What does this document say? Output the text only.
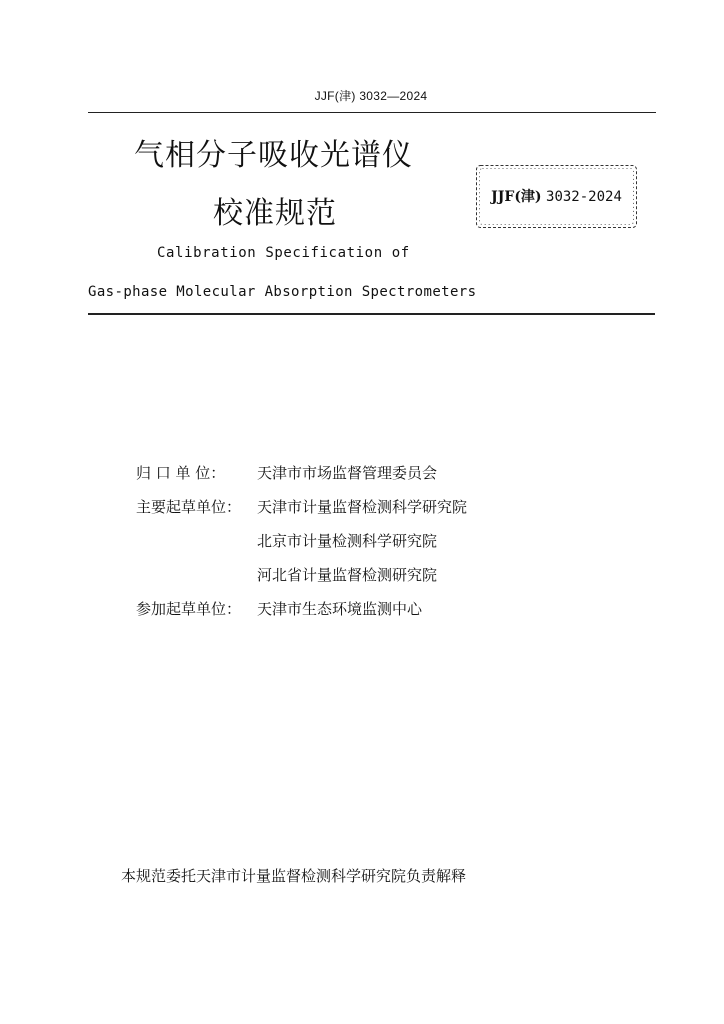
JJF(津) 3032—2024
气相分子吸收光谱仪
校准规范	JJF(津) 3032-2024
Calibration Specification of
Gas-phase Molecular Absorption Spectrometers
归 口 单 位：	天津市市场监督管理委员会
主要起草单位：	天津市计量监督检测科学研究院
北京市计量检测科学研究院
河北省计量监督检测研究院
参加起草单位：	天津市生态环境监测中心
本规范委托天津市计量监督检测科学研究院负责解释
